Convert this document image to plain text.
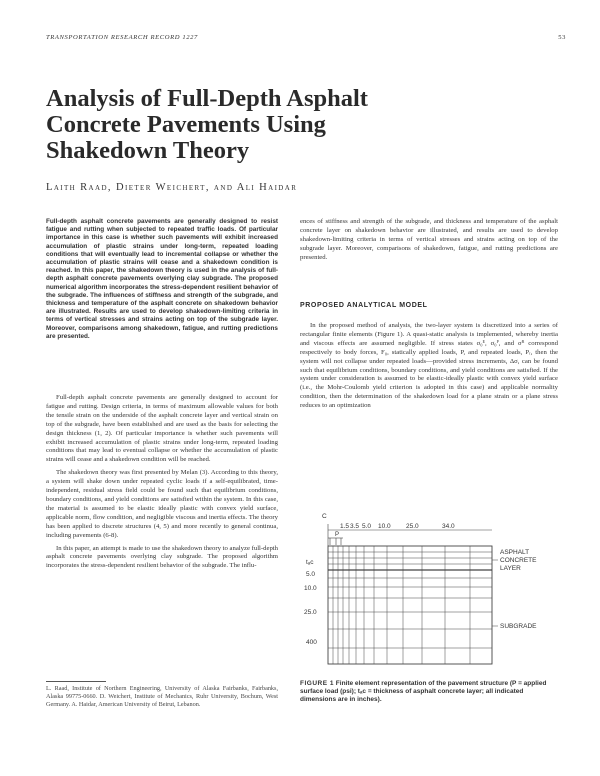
TRANSPORTATION RESEARCH RECORD 1227	53
Analysis of Full-Depth Asphalt
Concrete Pavements Using
Shakedown Theory
Laith Raad, Dieter Weichert, and Ali Haidar
Full-depth asphalt concrete pavements are generally designed to resist fatigue and rutting when subjected to repeated traffic loads. Of particular importance in this case is whether such pavements will exhibit increased accumulation of plastic strains under long-term, repeated loading conditions that will eventually lead to incremental collapse or whether the accumulation of plastic strains will cease and a shakedown condition is reached. In this paper, the shakedown theory is used in the analysis of full-depth asphalt concrete pavements overlying clay subgrade. The proposed numerical algorithm incorporates the stress-dependent resilient behavior of the subgrade. The influences of stiffness and strength of the subgrade, and thickness and temperature of the asphalt concrete on shakedown behavior are illustrated. Results are used to develop shakedown-limiting criteria in terms of vertical stresses and strains acting on top of the subgrade layer. Moreover, comparisons among shakedown, fatigue, and rutting predictions are presented.

Full-depth asphalt concrete pavements are generally designed to account for fatigue and rutting. Design criteria, in terms of maximum allowable values for both the tensile strain on the underside of the asphalt concrete layer and vertical strain on top of the subgrade, have been established and are used as the basis for selecting the design thickness (1, 2). Of particular importance is whether such pavements will exhibit increased accumulation of plastic strains under long-term, repeated loading conditions that may lead to eventual collapse or whether the accumulation of plastic strains will cease and a shakedown condition will be reached.

The shakedown theory was first presented by Melan (3). According to this theory, a system will shake down under repeated cyclic loads if a self-equilibrated, time-independent, residual stress field could be found such that equilibrium conditions, boundary conditions, and yield conditions are satisfied within the system. In this case, the material is assumed to be elastic ideally plastic with convex yield surface, applicable norm, flow condition, and negligible viscous and inertia effects. The theory has been applied to discrete structures (4, 5) and more recently to general continua, including pavements (6-8).

In this paper, an attempt is made to use the shakedown theory to analyze full-depth asphalt concrete pavements overlying clay subgrade. The proposed algorithm incorporates the stress-dependent resilient behavior of the subgrade. The influ-

ences of stiffness and strength of the subgrade, and thickness and temperature of the asphalt concrete layer on shakedown behavior are illustrated, and results are used to develop shakedown-limiting criteria in terms of vertical stresses and strains acting on top of the subgrade layer. Moreover, comparisons of shakedown, fatigue, and rutting predictions are presented.

PROPOSED ANALYTICAL MODEL

In the proposed method of analysis, the two-layer system is discretized into a series of rectangular finite elements (Figure 1). A quasi-static analysis is implemented, whereby inertia and viscous effects are assumed negligible. If stress states σ₀ᴱ, σ₀ᴾ, and σᴿ correspond respectively to body forces, F₀, statically applied loads, P, and repeated loads, Pᵣ, then the system will not collapse under repeated loads—provided stress increments, Δσ, can be found such that equilibrium conditions, boundary conditions, and yield conditions are satisfied. If the system under consideration is assumed to be elastic-ideally plastic with convex yield surface (i.e., the Mohr-Coulomb yield criterion is adopted in this case) and applicable normality condition, then the determination of the shakedown load for a plane strain or a plane stress reduces to an optimization

C
P
1.5 3.5 5.0 10.0 25.0	34.0
tₐc
5.0
10.0
25.0
400
ASPHALT
CONCRETE
LAYER
SUBGRADE
FIGURE 1 Finite element representation of the pavement structure (P = applied surface load (psi); tₐc = thickness of asphalt concrete layer; all indicated dimensions are in inches).
L. Raad, Institute of Northern Engineering, University of Alaska Fairbanks, Fairbanks, Alaska 99775-0660. D. Weichert, Institute of Mechanics, Ruhr University, Bochum, West Germany. A. Haidar, American University of Beirut, Lebanon.
